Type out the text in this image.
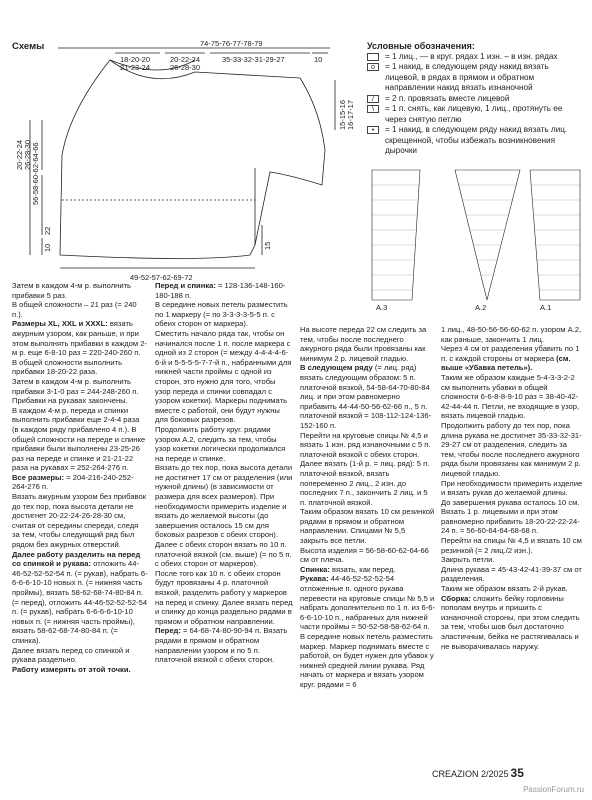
Схемы	74-75-76-77-78-79
18-20-20
21-23-24
20-22-24
26-28-30
35-33-32-31-29-27	10
49-52-57-62-69-72
22
10	15
56-58-60-62-64-66
20-22-24 26-28-30
15-15-16 16-17-17
A.3	A.2	A.1
Условные обозначения:
= 1 лиц., — в круг. рядах 1 изн. – в изн. рядах
o	= 1 накид, в следующем ряду накид вязать лицевой, в рядах в прямом и обратном направлении накид вязать изнаночной
/	= 2 п. провязать вместе лицевой
\	= 1 п. снять, как лицевую, 1 лиц., протянуть ее через снятую петлю
•	= 1 накид, в следующем ряду накид вязать лиц. скрещенной, чтобы избежать возникновения дырочки

Затем в каждом 4-м р. выполнить прибавки 5 раз.

В общей сложности – 21 раз (= 240 п.).

Размеры XL, XXL и XXXL: вязать ажурным узором, как раньше, и при этом выполнять прибавки в каждом 2-м р. еще 6-8-10 раз = 220-240-260 п.

В общей сложности выполнить прибавки 18-20-22 раза.

Затем в каждом 4-м р. выполнить прибавки 3-1-0 раз = 244-248-260 п.

Прибавки на рукавах закончены.

В каждом 4-м р. переда и спинки выполнить прибавки еще 2-4-4 раза (в каждом ряду прибавлено 4 п.). В общей сложности на переде и спинке прибавки были выполнены 23-25-26 раз на переде и спинке и 21-21-22 раза на рукавах = 252-264-276 п.

Все размеры: = 204-216-240-252-264-276 п.

Вязать ажурным узором без прибавок до тех пор, пока высота детали не достигнет 20-22-24-26-28-30 см, считая от середины спереди, следя за тем, чтобы следующий ряд был рядом без ажурных отверстий.

Далее работу разделить на перед со спинкой и рукава: отложить 44-46-52-52-52-54 п. (= рукав), набрать 6-6-6-6-10-10 новых п. (= нижняя часть проймы), вязать 58-62-68-74-80-84 п. (= перед), отложить 44-46-52-52-52-54 п. (= рукав), набрать 6-6-6-6-10-10 новых п. (= нижняя часть проймы), вязать 58-62-68-74-80-84 п. (= спинка).

Далее вязать перед со спинкой и рукава раздельно.

Работу измерять от этой точки.

Перед и спинка: = 128-136-148-160-180-188 п.

В середине новых петель разместить по 1 маркеру (= по 3-3-3-3-5-5 п. с обеих сторон от маркера).

Сместить начало ряда так, чтобы он начинался после 1 п. после маркера с одной из 2 сторон (= между 4-4-4-4-6-6-й и 5-5-5-5-7-7-й п., набранными для нижней части проймы с одной из сторон, это нужно для того, чтобы узор переда и спинки совпадал с узором кокетки). Маркеры поднимать вместе с работой, они будут нужны для боковых разрезов.

Продолжить работу круг. рядами узором А.2, следить за тем, чтобы узор кокетки логически продолжался на переде и спинке.

Вязать до тех пор, пока высота детали не достигнет 17 см от разделения (или нужной длины) (в зависимости от размера для всех размеров). При необходимости примерить изделие и вязать до желаемой высоты (до завершения осталось 15 см для боковых разрезов с обеих сторон).

Далее с обеих сторон вязать по 10 п. платочной вязкой (см. выше) (= по 5 п. с обеих сторон от маркеров).

После того как 10 п. с обеих сторон будут провязаны 4 р. платочной вязкой, разделить работу у маркеров на перед и спинку. Далее вязать перед и спинку до конца раздельно рядами в прямом и обратном направлении.

Перед: = 64-68-74-80-90-94 п. Вязать рядами в прямом и обратном направлении узором и по 5 п. платочной вязкой с обеих сторон.

На высоте переда 22 см следить за тем, чтобы после последнего ажурного ряда были провязаны как минимум 2 р. лицевой гладью.

В следующем ряду (= лиц. ряд) вязать следующим образом: 5 п. платочной вязкой, 54-58-64-70-80-84 лиц. и при этом равномерно прибавить 44-44-50-56-62-66 п., 5 п. платочной вязкой = 108-112-124-136-152-160 п.

Перейти на круговые спицы № 4,5 и вязать 1 изн. ряд изнаночными с 5 п. платочной вязкой с обеих сторон.

Далее вязать (1-й р. = лиц. ряд): 5 п. платочной вязкой, вязать попеременно 2 лиц., 2 изн. до последних 7 п., закончить 2 лиц. и 5 п. платочной вязкой.

Таким образом вязать 10 см резинкой рядами в прямом и обратном направлении. Спицами № 5,5 закрыть все петли.

Высота изделия = 56-58-60-62-64-66 см от плеча.

Спинка: вязать, как перед.

Рукава: 44-46-52-52-52-54 отложенные п. одного рукава перевести на круговые спицы № 5,5 и набрать дополнительно по 1 п. из 6-6-6-6-10-10 п., набранных для нижней части проймы = 50-52-58-58-62-64 п.

В середине новых петель разместить маркер. Маркер поднимать вместе с работой, он будет нужен для убавок у нижней средней линии рукава. Ряд начать от маркера и вязать узором круг. рядами = 6

1 лиц., 48-50-56-56-60-62 п. узором А.2, как раньше, закончить 1 лиц.

Через 4 см от разделения убавить по 1 п. с каждой стороны от маркера (см. выше «Убавка петель»).

Таким же образом каждые 5-4-3-3-2-2 см выполнить убавки в общей сложности 6-6-8-8-9-10 раз = 38-40-42-42-44-44 п. Петли, не входящие в узор, вязать лицевой гладью.

Продолжить работу до тех пор, пока длина рукава не достигнет 35-33-32-31-29-27 см от разделения, следить за тем, чтобы после последнего ажурного ряда были провязаны как минимум 2 р. лицевой гладью.

При необходимости примерить изделие и вязать рукав до желаемой длины.

До завершения рукава осталось 10 см.

Вязать 1 р. лицевыми и при этом равномерно прибавить 18-20-22-22-24-24 п. = 56-60-64-64-68-68 п.

Перейти на спицы № 4,5 и вязать 10 см резинкой (= 2 лиц./2 изн.).

Закрыть петли.

Длина рукава = 45-43-42-41-39-37 см от разделения.

Таким же образом вязать 2-й рукав.

Сборка: сложить бейку горловины пополам внутрь и пришить с изнаночной стороны, при этом следить за тем, чтобы шов был достаточно эластичным, бейка не растягивалась и не выворачивалась наружу.

CREAZION 2/2025 35
PassionForum.ru
